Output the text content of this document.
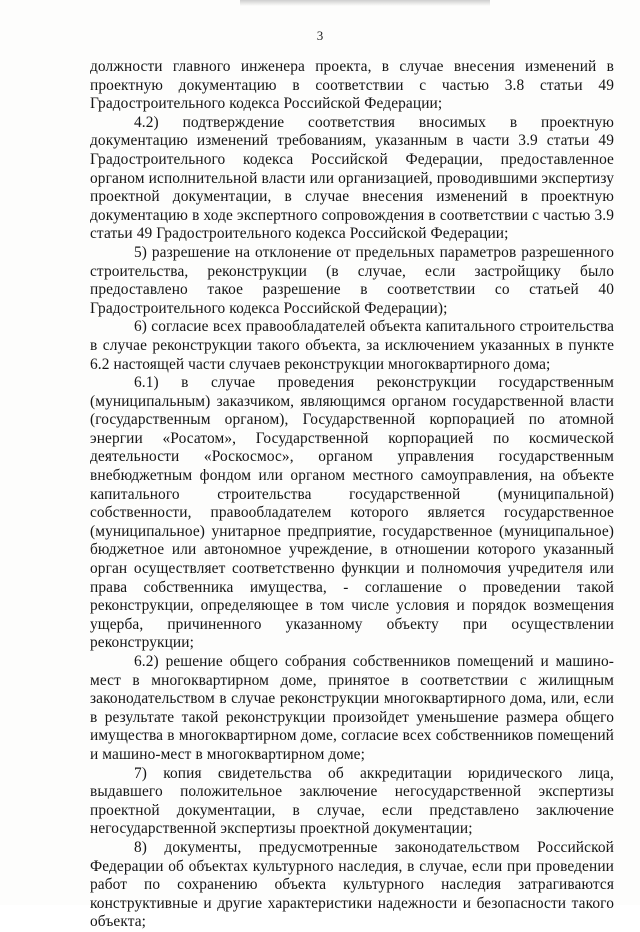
3

должности главного инженера проекта, в случае внесения изменений в проектную документацию в соответствии с частью 3.8 статьи 49 Градостроительного кодекса Российской Федерации;

4.2) подтверждение соответствия вносимых в проектную документацию изменений требованиям, указанным в части 3.9 статьи 49 Градостроительного кодекса Российской Федерации, предоставленное органом исполнительной власти или организацией, проводившими экспертизу проектной документации, в случае внесения изменений в проектную документацию в ходе экспертного сопровождения в соответствии с частью 3.9 статьи 49 Градостроительного кодекса Российской Федерации;

5) разрешение на отклонение от предельных параметров разрешенного строительства, реконструкции (в случае, если застройщику было предоставлено такое разрешение в соответствии со статьей 40 Градостроительного кодекса Российской Федерации);

6) согласие всех правообладателей объекта капитального строительства в случае реконструкции такого объекта, за исключением указанных в пункте 6.2 настоящей части случаев реконструкции многоквартирного дома;

6.1) в случае проведения реконструкции государственным (муниципальным) заказчиком, являющимся органом государственной власти (государственным органом), Государственной корпорацией по атомной энергии «Росатом», Государственной корпорацией по космической деятельности «Роскосмос», органом управления государственным внебюджетным фондом или органом местного самоуправления, на объекте капитального строительства государственной (муниципальной) собственности, правообладателем которого является государственное (муниципальное) унитарное предприятие, государственное (муниципальное) бюджетное или автономное учреждение, в отношении которого указанный орган осуществляет соответственно функции и полномочия учредителя или права собственника имущества, - соглашение о проведении такой реконструкции, определяющее в том числе условия и порядок возмещения ущерба, причиненного указанному объекту при осуществлении реконструкции;

6.2) решение общего собрания собственников помещений и машино-мест в многоквартирном доме, принятое в соответствии с жилищным законодательством в случае реконструкции многоквартирного дома, или, если в результате такой реконструкции произойдет уменьшение размера общего имущества в многоквартирном доме, согласие всех собственников помещений и машино-мест в многоквартирном доме;

7) копия свидетельства об аккредитации юридического лица, выдавшего положительное заключение негосударственной экспертизы проектной документации, в случае, если представлено заключение негосударственной экспертизы проектной документации;

8) документы, предусмотренные законодательством Российской Федерации об объектах культурного наследия, в случае, если при проведении работ по сохранению объекта культурного наследия затрагиваются конструктивные и другие характеристики надежности и безопасности такого объекта;
